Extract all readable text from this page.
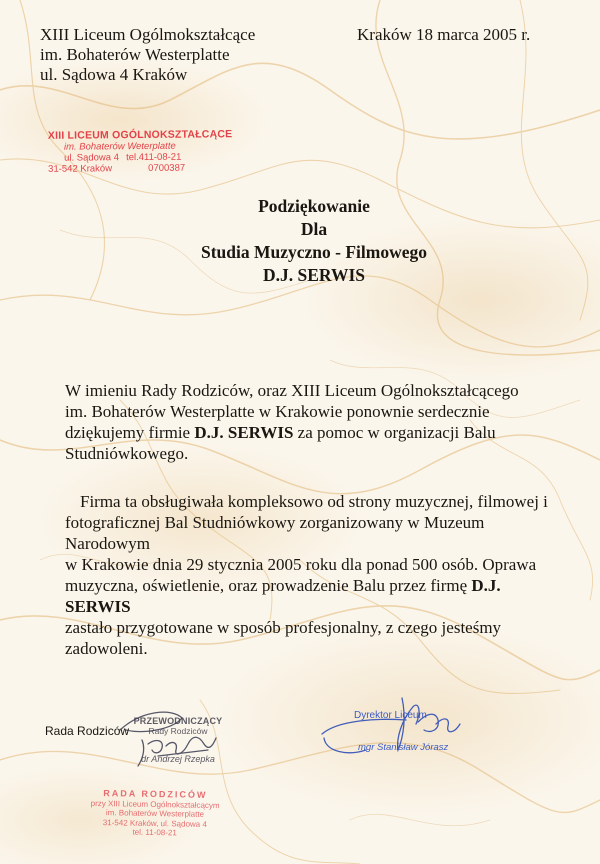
XIII Liceum Ogólmokształcące
im. Bohaterów Westerplatte
ul. Sądowa 4 Kraków
Kraków 18 marca 2005 r.
XIII LICEUM OGÓLNOKSZTAŁCĄCE
im. Bohaterów Weterplatte
ul. Sądowa 4 tel.411-08-21
31-542 Kraków	0700387
Podziękowanie
Dla
Studia Muzyczno - Filmowego
D.J. SERWIS
W imieniu Rady Rodziców, oraz XIII Liceum Ogólnokształcącego
im. Bohaterów Westerplatte w Krakowie ponownie serdecznie
dziękujemy firmie D.J. SERWIS za pomoc w organizacji Balu
Studniówkowego.
Firma ta obsługiwała kompleksowo od strony muzycznej, filmowej i
fotograficznej Bal Studniówkowy zorganizowany w Muzeum Narodowym
w Krakowie dnia 29 stycznia 2005 roku dla ponad 500 osób. Oprawa
muzyczna, oświetlenie, oraz prowadzenie Balu przez firmę D.J. SERWIS
zastało przygotowane w sposób profesjonalny, z czego jesteśmy
zadowoleni.
Rada Rodziców
PRZEWODNICZĄCY
Rady Rodziców
dr Andrzej Rzepka
Dyrektor Liceum
mgr Stanisław Jórasz
RADA RODZICÓW
przy XIII Liceum Ogólnokształcącym
im. Bohaterów Westerplatte
31-542 Kraków, ul. Sądowa 4
tel. 11-08-21
